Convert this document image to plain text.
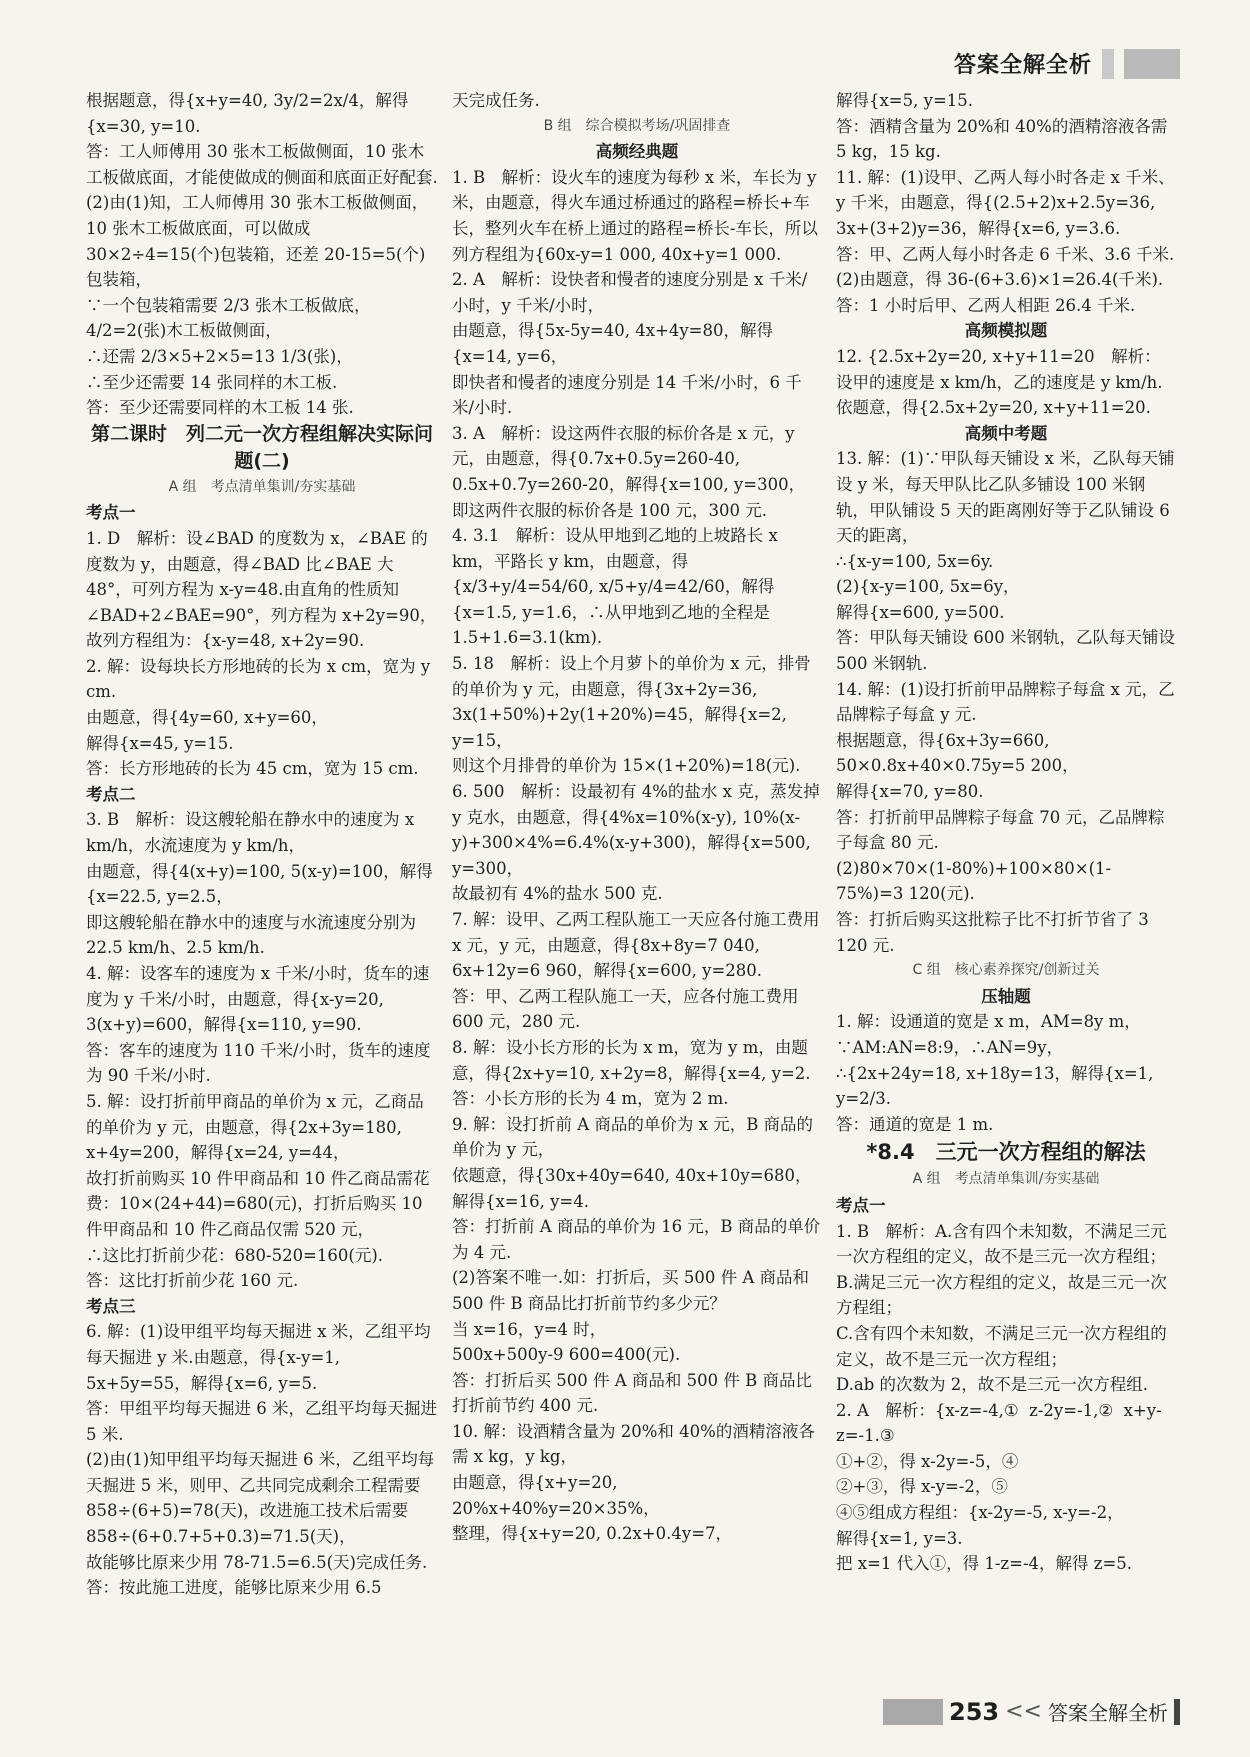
答案全解全析

根据题意，得{x+y=40, 3y/2=2x/4，解得{x=30, y=10.

答：工人师傅用 30 张木工板做侧面，10 张木工板做底面，才能使做成的侧面和底面正好配套.

(2)由(1)知，工人师傅用 30 张木工板做侧面，10 张木工板做底面，可以做成 30×2÷4=15(个)包装箱，还差 20-15=5(个)包装箱，

∵一个包装箱需要 2/3 张木工板做底，

4/2=2(张)木工板做侧面，

∴还需 2/3×5+2×5=13 1/3(张)，

∴至少还需要 14 张同样的木工板.

答：至少还需要同样的木工板 14 张.

第二课时　列二元一次方程组解决实际问题(二)

A 组　考点清单集训/夯实基础

考点一

1. D　解析：设∠BAD 的度数为 x，∠BAE 的度数为 y，由题意，得∠BAD 比∠BAE 大48°，可列方程为 x-y=48.由直角的性质知∠BAD+2∠BAE=90°，列方程为 x+2y=90，故列方程组为：{x-y=48, x+2y=90.

2. 解：设每块长方形地砖的长为 x cm，宽为 y cm.

由题意，得{4y=60, x+y=60，

解得{x=45, y=15.

答：长方形地砖的长为 45 cm，宽为 15 cm.

考点二

3. B　解析：设这艘轮船在静水中的速度为 x km/h，水流速度为 y km/h，

由题意，得{4(x+y)=100, 5(x-y)=100，解得{x=22.5, y=2.5，

即这艘轮船在静水中的速度与水流速度分别为 22.5 km/h、2.5 km/h.

4. 解：设客车的速度为 x 千米/小时，货车的速度为 y 千米/小时，由题意，得{x-y=20, 3(x+y)=600，解得{x=110, y=90.

答：客车的速度为 110 千米/小时，货车的速度为 90 千米/小时.

5. 解：设打折前甲商品的单价为 x 元，乙商品的单价为 y 元，由题意，得{2x+3y=180, x+4y=200，解得{x=24, y=44，

故打折前购买 10 件甲商品和 10 件乙商品需花费：10×(24+44)=680(元)，打折后购买 10 件甲商品和 10 件乙商品仅需 520 元，

∴这比打折前少花：680-520=160(元).

答：这比打折前少花 160 元.

考点三

6. 解：(1)设甲组平均每天掘进 x 米，乙组平均每天掘进 y 米.由题意，得{x-y=1, 5x+5y=55，解得{x=6, y=5.

答：甲组平均每天掘进 6 米，乙组平均每天掘进 5 米.

(2)由(1)知甲组平均每天掘进 6 米，乙组平均每天掘进 5 米，则甲、乙共同完成剩余工程需要 858÷(6+5)=78(天)，改进施工技术后需要 858÷(6+0.7+5+0.3)=71.5(天)，

故能够比原来少用 78-71.5=6.5(天)完成任务.

答：按此施工进度，能够比原来少用 6.5

天完成任务.

B 组　综合模拟考场/巩固排查

高频经典题

1. B　解析：设火车的速度为每秒 x 米，车长为 y 米，由题意，得火车通过桥通过的路程=桥长+车长，整列火车在桥上通过的路程=桥长-车长，所以列方程组为{60x-y=1 000, 40x+y=1 000.

2. A　解析：设快者和慢者的速度分别是 x 千米/小时，y 千米/小时，

由题意，得{5x-5y=40, 4x+4y=80，解得{x=14, y=6，

即快者和慢者的速度分别是 14 千米/小时，6 千米/小时.

3. A　解析：设这两件衣服的标价各是 x 元，y 元，由题意，得{0.7x+0.5y=260-40, 0.5x+0.7y=260-20，解得{x=100, y=300，

即这两件衣服的标价各是 100 元，300 元.

4. 3.1　解析：设从甲地到乙地的上坡路长 x km，平路长 y km，由题意，得{x/3+y/4=54/60, x/5+y/4=42/60，解得{x=1.5, y=1.6，∴从甲地到乙地的全程是 1.5+1.6=3.1(km).

5. 18　解析：设上个月萝卜的单价为 x 元，排骨的单价为 y 元，由题意，得{3x+2y=36, 3x(1+50%)+2y(1+20%)=45，解得{x=2, y=15，

则这个月排骨的单价为 15×(1+20%)=18(元).

6. 500　解析：设最初有 4%的盐水 x 克，蒸发掉 y 克水，由题意，得{4%x=10%(x-y), 10%(x-y)+300×4%=6.4%(x-y+300)，解得{x=500, y=300，

故最初有 4%的盐水 500 克.

7. 解：设甲、乙两工程队施工一天应各付施工费用 x 元，y 元，由题意，得{8x+8y=7 040, 6x+12y=6 960，解得{x=600, y=280.

答：甲、乙两工程队施工一天，应各付施工费用 600 元，280 元.

8. 解：设小长方形的长为 x m，宽为 y m，由题意，得{2x+y=10, x+2y=8，解得{x=4, y=2.

答：小长方形的长为 4 m，宽为 2 m.

9. 解：设打折前 A 商品的单价为 x 元，B 商品的单价为 y 元，

依题意，得{30x+40y=640, 40x+10y=680，解得{x=16, y=4.

答：打折前 A 商品的单价为 16 元，B 商品的单价为 4 元.

(2)答案不唯一.如：打折后，买 500 件 A 商品和 500 件 B 商品比打折前节约多少元？

当 x=16，y=4 时，

500x+500y-9 600=400(元).

答：打折后买 500 件 A 商品和 500 件 B 商品比打折前节约 400 元.

10. 解：设酒精含量为 20%和 40%的酒精溶液各需 x kg，y kg，

由题意，得{x+y=20, 20%x+40%y=20×35%，

整理，得{x+y=20, 0.2x+0.4y=7，

解得{x=5, y=15.

答：酒精含量为 20%和 40%的酒精溶液各需 5 kg，15 kg.

11. 解：(1)设甲、乙两人每小时各走 x 千米、y 千米，由题意，得{(2.5+2)x+2.5y=36, 3x+(3+2)y=36，解得{x=6, y=3.6.

答：甲、乙两人每小时各走 6 千米、3.6 千米.

(2)由题意，得 36-(6+3.6)×1=26.4(千米).

答：1 小时后甲、乙两人相距 26.4 千米.

高频模拟题

12. {2.5x+2y=20, x+y+11=20　解析：设甲的速度是 x km/h，乙的速度是 y km/h.依题意，得{2.5x+2y=20, x+y+11=20.

高频中考题

13. 解：(1)∵甲队每天铺设 x 米，乙队每天铺设 y 米，每天甲队比乙队多铺设 100 米钢轨，甲队铺设 5 天的距离刚好等于乙队铺设 6 天的距离，

∴{x-y=100, 5x=6y.

(2){x-y=100, 5x=6y，

解得{x=600, y=500.

答：甲队每天铺设 600 米钢轨，乙队每天铺设 500 米钢轨.

14. 解：(1)设打折前甲品牌粽子每盒 x 元，乙品牌粽子每盒 y 元.

根据题意，得{6x+3y=660, 50×0.8x+40×0.75y=5 200，

解得{x=70, y=80.

答：打折前甲品牌粽子每盒 70 元，乙品牌粽子每盒 80 元.

(2)80×70×(1-80%)+100×80×(1-75%)=3 120(元).

答：打折后购买这批粽子比不打折节省了 3 120 元.

C 组　核心素养探究/创新过关

压轴题

1. 解：设通道的宽是 x m，AM=8y m，∵AM:AN=8:9，∴AN=9y，

∴{2x+24y=18, x+18y=13，解得{x=1, y=2/3.

答：通道的宽是 1 m.

*8.4　三元一次方程组的解法

A 组　考点清单集训/夯实基础

考点一

1. B　解析：A.含有四个未知数，不满足三元一次方程组的定义，故不是三元一次方程组；

B.满足三元一次方程组的定义，故是三元一次方程组；

C.含有四个未知数，不满足三元一次方程组的定义，故不是三元一次方程组；

D.ab 的次数为 2，故不是三元一次方程组.

2. A　解析：{x-z=-4,①  z-2y=-1,②  x+y-z=-1.③

①+②，得 x-2y=-5，④

②+③，得 x-y=-2，⑤

④⑤组成方程组：{x-2y=-5, x-y=-2，

解得{x=1, y=3.

把 x=1 代入①，得 1-z=-4，解得 z=5.

253 << 答案全解全析
